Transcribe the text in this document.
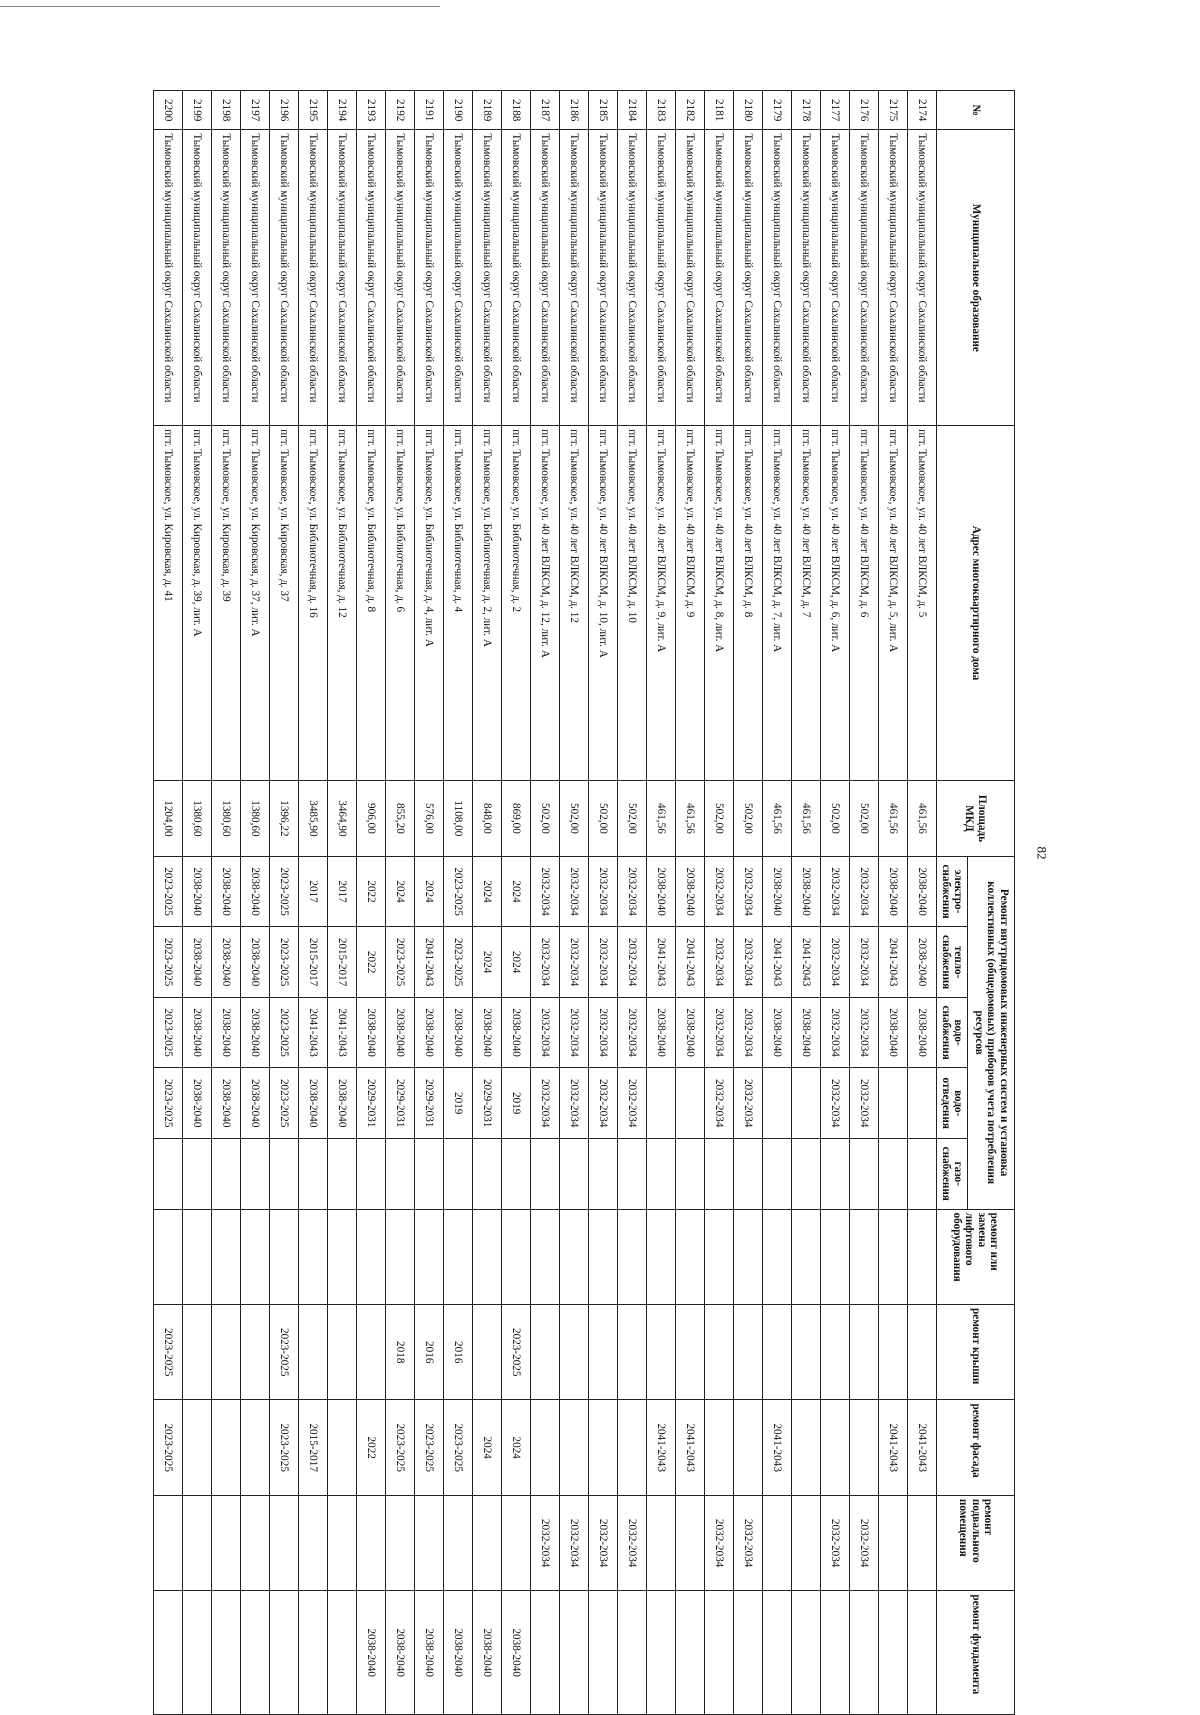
82
№	Муниципальное образование	Адрес многоквартирного дома	Площадь МКД	Ремонт внутридомовых инженерных систем и установка коллективных (общедомовых) приборов учета потребления ресурсов					ремонт или замена лифтового оборудования	ремонт крыши	ремонт фасада	ремонт подвального помещения	ремонт фундамента
				электро-снабжения	тепло-снабжения	водо-снабжения	водо-отведения	газо-снабжения					
2174	Тымовский муниципальный округ Сахалинской области	пгт. Тымовское, ул. 40 лет ВЛКСМ, д. 5	461,56	2038-2040	2038-2040	2038-2040					2041-2043		
2175	Тымовский муниципальный округ Сахалинской области	пгт. Тымовское, ул. 40 лет ВЛКСМ, д. 5, лит. А	461,56	2038-2040	2041-2043	2038-2040					2041-2043		
2176	Тымовский муниципальный округ Сахалинской области	пгт. Тымовское, ул. 40 лет ВЛКСМ, д. 6	502,00	2032-2034	2032-2034	2032-2034	2032-2034					2032-2034	
2177	Тымовский муниципальный округ Сахалинской области	пгт. Тымовское, ул. 40 лет ВЛКСМ, д. 6, лит. А	502,00	2032-2034	2032-2034	2032-2034	2032-2034					2032-2034	
2178	Тымовский муниципальный округ Сахалинской области	пгт. Тымовское, ул. 40 лет ВЛКСМ, д. 7	461,56	2038-2040	2041-2043	2038-2040							
2179	Тымовский муниципальный округ Сахалинской области	пгт. Тымовское, ул. 40 лет ВЛКСМ, д. 7, лит. А	461,56	2038-2040	2041-2043	2038-2040					2041-2043		
2180	Тымовский муниципальный округ Сахалинской области	пгт. Тымовское, ул. 40 лет ВЛКСМ, д. 8	502,00	2032-2034	2032-2034	2032-2034	2032-2034					2032-2034	
2181	Тымовский муниципальный округ Сахалинской области	пгт. Тымовское, ул. 40 лет ВЛКСМ, д. 8, лит. А	502,00	2032-2034	2032-2034	2032-2034	2032-2034					2032-2034	
2182	Тымовский муниципальный округ Сахалинской области	пгт. Тымовское, ул. 40 лет ВЛКСМ, д. 9	461,56	2038-2040	2041-2043	2038-2040					2041-2043		
2183	Тымовский муниципальный округ Сахалинской области	пгт. Тымовское, ул. 40 лет ВЛКСМ, д. 9, лит. А	461,56	2038-2040	2041-2043	2038-2040					2041-2043		
2184	Тымовский муниципальный округ Сахалинской области	пгт. Тымовское, ул. 40 лет ВЛКСМ, д. 10	502,00	2032-2034	2032-2034	2032-2034	2032-2034					2032-2034	
2185	Тымовский муниципальный округ Сахалинской области	пгт. Тымовское, ул. 40 лет ВЛКСМ, д. 10, лит. А	502,00	2032-2034	2032-2034	2032-2034	2032-2034					2032-2034	
2186	Тымовский муниципальный округ Сахалинской области	пгт. Тымовское, ул. 40 лет ВЛКСМ, д. 12	502,00	2032-2034	2032-2034	2032-2034	2032-2034					2032-2034	
2187	Тымовский муниципальный округ Сахалинской области	пгт. Тымовское, ул. 40 лет ВЛКСМ, д. 12, лит. А	502,00	2032-2034	2032-2034	2032-2034	2032-2034					2032-2034	
2188	Тымовский муниципальный округ Сахалинской области	пгт. Тымовское, ул. Библиотечная, д. 2	869,00	2024	2024	2038-2040	2019			2023-2025	2024		2038-2040
2189	Тымовский муниципальный округ Сахалинской области	пгт. Тымовское, ул. Библиотечная, д. 2, лит. А	848,00	2024	2024	2038-2040	2029-2031				2024		2038-2040
2190	Тымовский муниципальный округ Сахалинской области	пгт. Тымовское, ул. Библиотечная, д. 4	1108,00	2023-2025	2023-2025	2038-2040	2019			2016	2023-2025		2038-2040
2191	Тымовский муниципальный округ Сахалинской области	пгт. Тымовское, ул. Библиотечная, д. 4, лит. А	576,00	2024	2041-2043	2038-2040	2029-2031			2016	2023-2025		2038-2040
2192	Тымовский муниципальный округ Сахалинской области	пгт. Тымовское, ул. Библиотечная, д. 6	855,20	2024	2023-2025	2038-2040	2029-2031			2018	2023-2025		2038-2040
2193	Тымовский муниципальный округ Сахалинской области	пгт. Тымовское, ул. Библиотечная, д. 8	906,00	2022	2022	2038-2040	2029-2031				2022		2038-2040
2194	Тымовский муниципальный округ Сахалинской области	пгт. Тымовское, ул. Библиотечная, д. 12	3464,90	2017	2015-2017	2041-2043	2038-2040						
2195	Тымовский муниципальный округ Сахалинской области	пгт. Тымовское, ул. Библиотечная, д. 16	3485,90	2017	2015-2017	2041-2043	2038-2040				2015-2017		
2196	Тымовский муниципальный округ Сахалинской области	пгт. Тымовское, ул. Кировская, д. 37	1396,22	2023-2025	2023-2025	2023-2025	2023-2025			2023-2025	2023-2025		
2197	Тымовский муниципальный округ Сахалинской области	пгт. Тымовское, ул. Кировская, д. 37, лит. А	1380,60	2038-2040	2038-2040	2038-2040	2038-2040						
2198	Тымовский муниципальный округ Сахалинской области	пгт. Тымовское, ул. Кировская, д. 39	1380,60	2038-2040	2038-2040	2038-2040	2038-2040						
2199	Тымовский муниципальный округ Сахалинской области	пгт. Тымовское, ул. Кировская, д. 39, лит. А	1380,60	2038-2040	2038-2040	2038-2040	2038-2040						
2200	Тымовский муниципальный округ Сахалинской области	пгт. Тымовское, ул. Кировская, д. 41	1204,00	2023-2025	2023-2025	2023-2025	2023-2025			2023-2025	2023-2025		
